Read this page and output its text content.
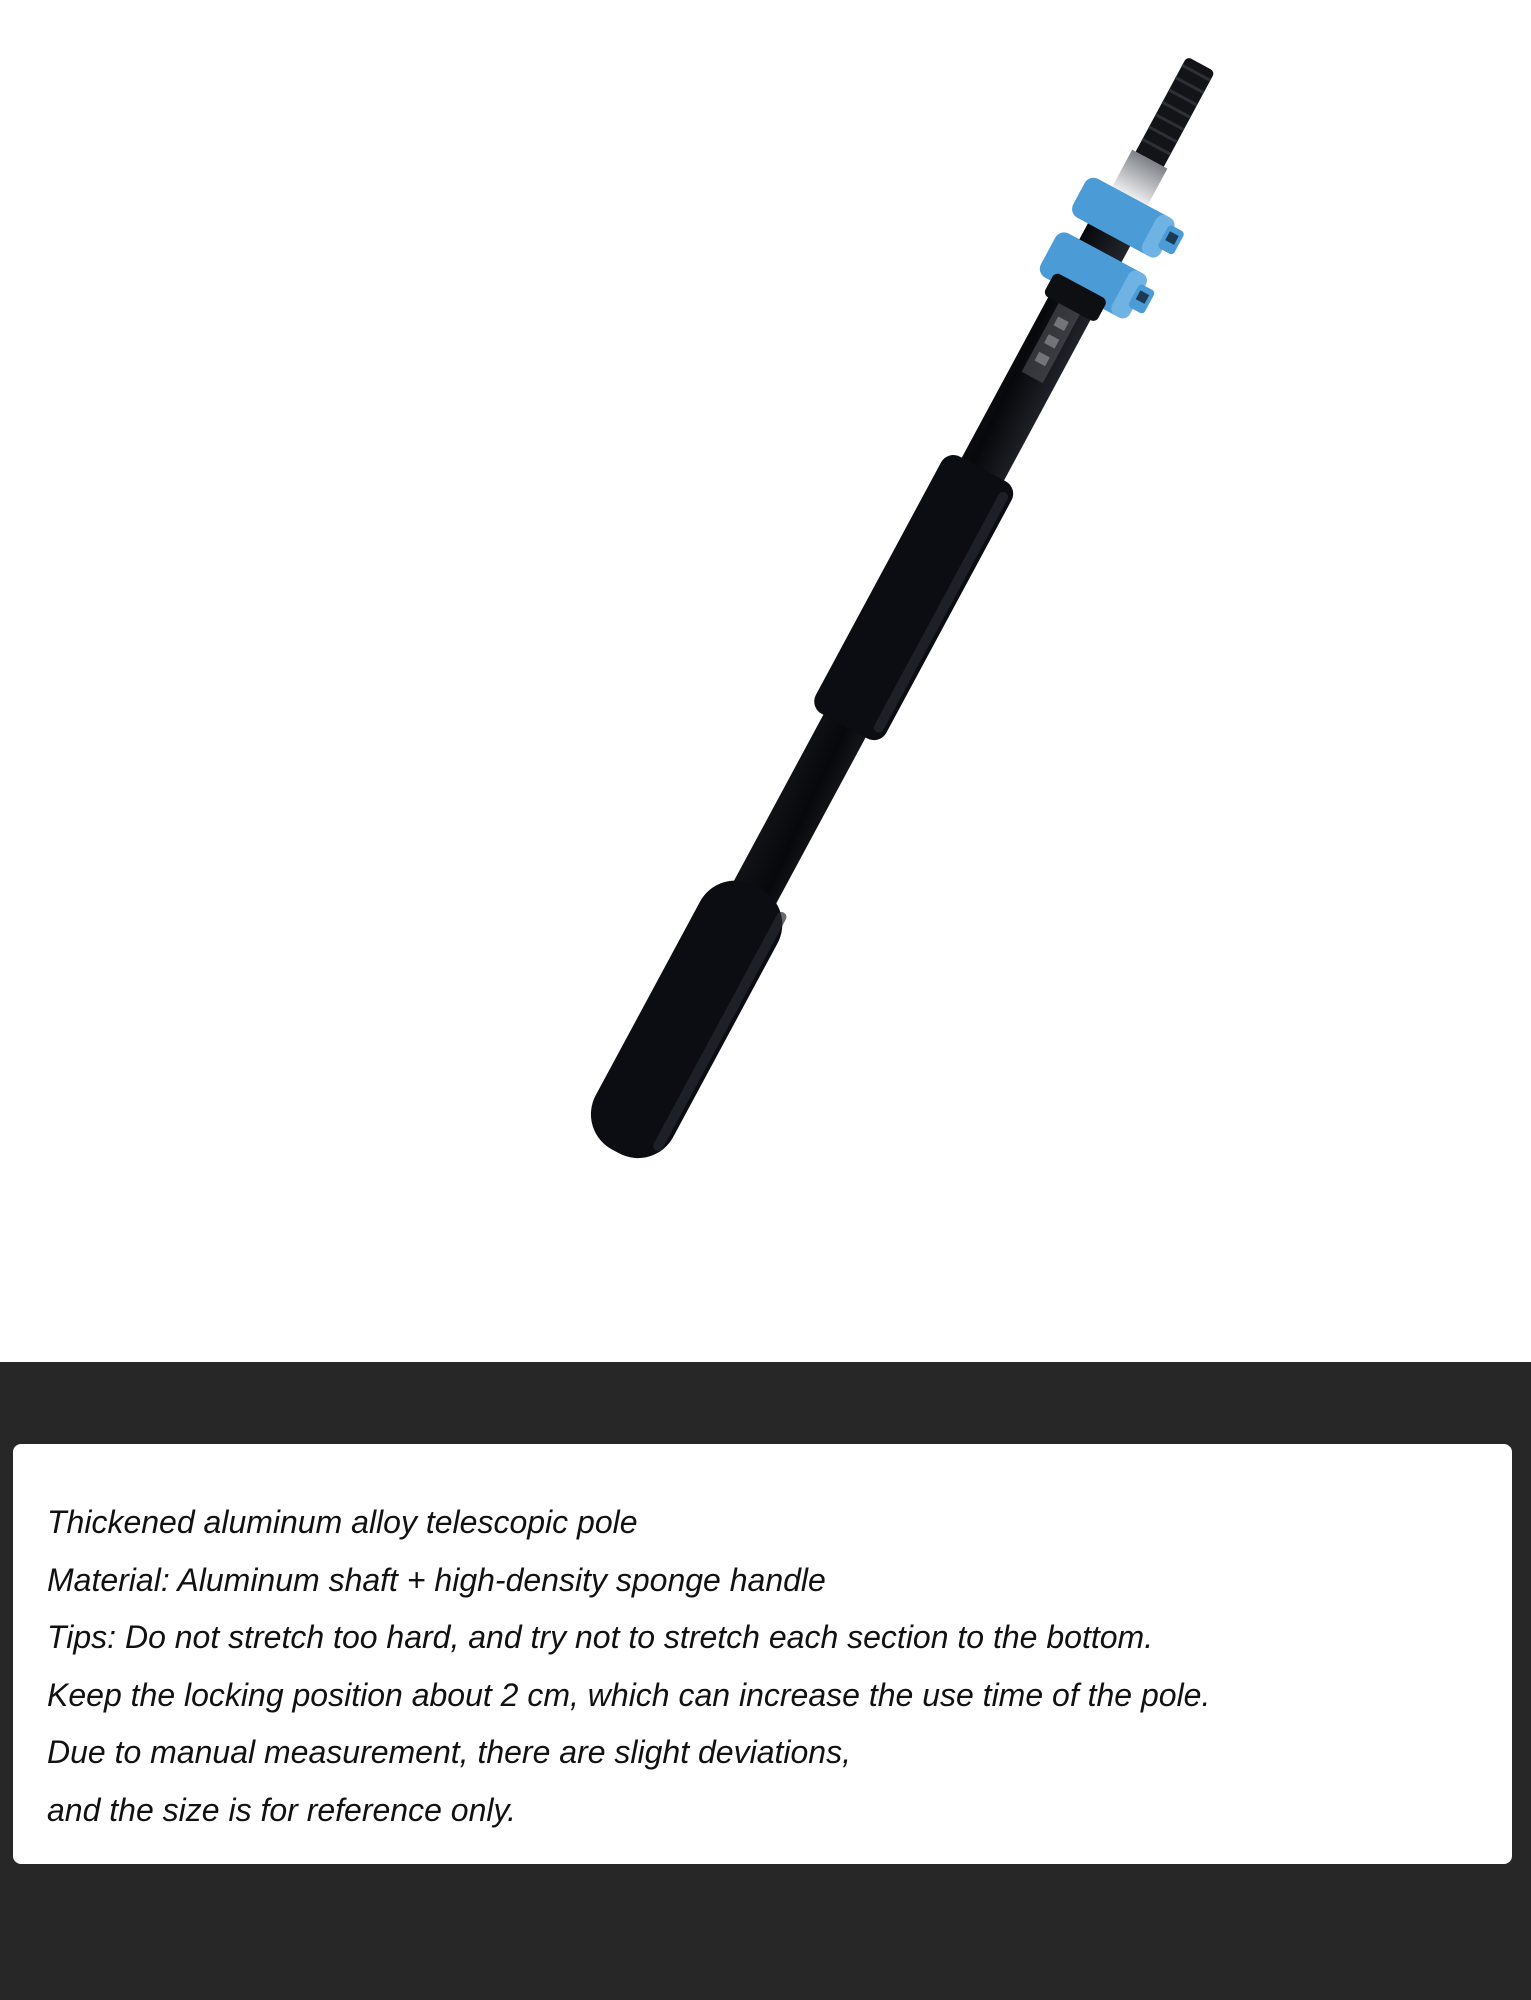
Thickened aluminum alloy telescopic pole
Material: Aluminum shaft + high-density sponge handle
Tips: Do not stretch too hard, and try not to stretch each section to the bottom.
Keep the locking position about 2 cm, which can increase the use time of the pole.
Due to manual measurement, there are slight deviations,
and the size is for reference only.
